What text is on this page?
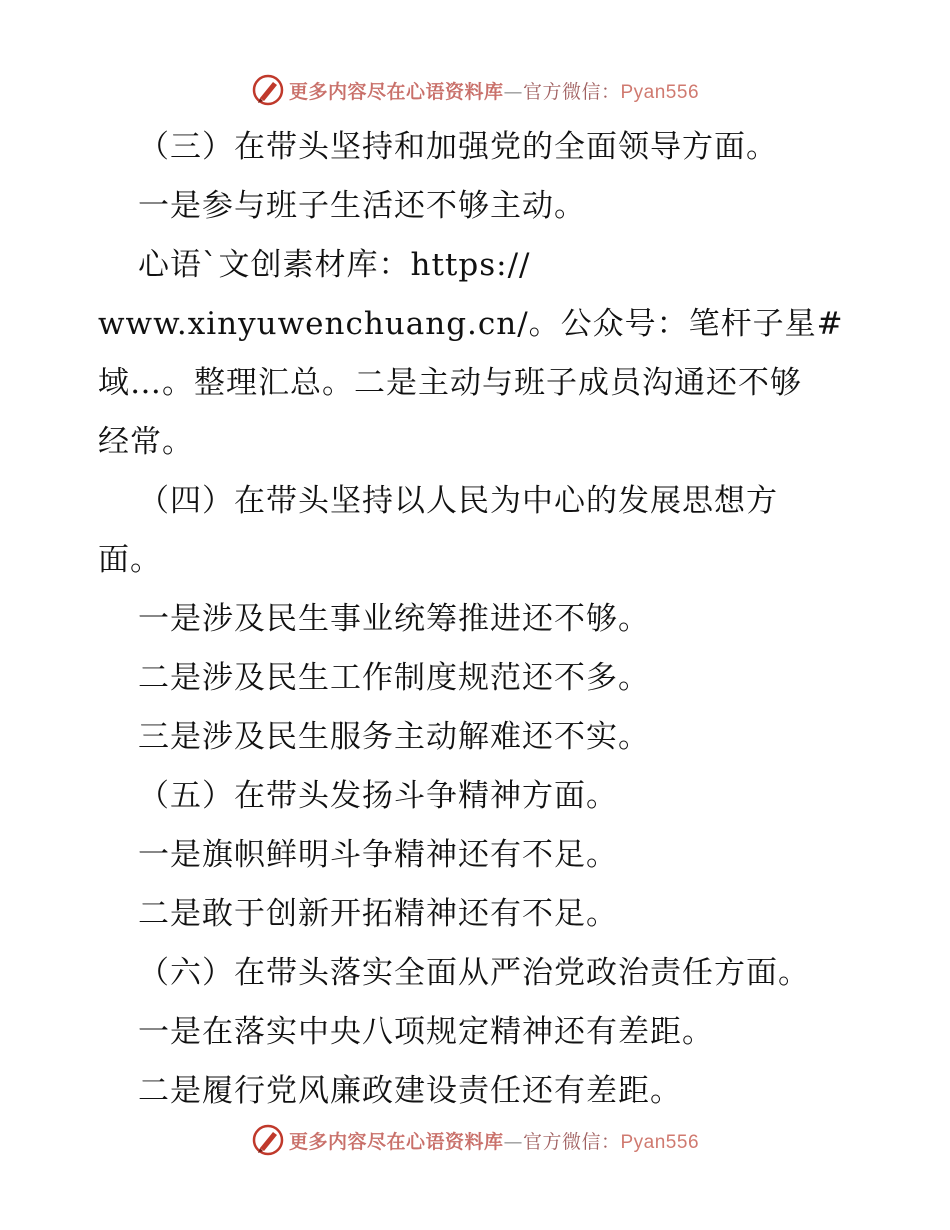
更多内容尽在心语资料库—官方微信：Pyan556
（三）在带头坚持和加强党的全面领导方面。
一是参与班子生活还不够主动。
心语`文创素材库：https://
www.xinyuwenchuang.cn/。公众号：笔杆子星#
域…。整理汇总。二是主动与班子成员沟通还不够
经常。
（四）在带头坚持以人民为中心的发展思想方
面。
一是涉及民生事业统筹推进还不够。
二是涉及民生工作制度规范还不多。
三是涉及民生服务主动解难还不实。
（五）在带头发扬斗争精神方面。
一是旗帜鲜明斗争精神还有不足。
二是敢于创新开拓精神还有不足。
（六）在带头落实全面从严治党政治责任方面。
一是在落实中央八项规定精神还有差距。
二是履行党风廉政建设责任还有差距。
更多内容尽在心语资料库—官方微信：Pyan556
